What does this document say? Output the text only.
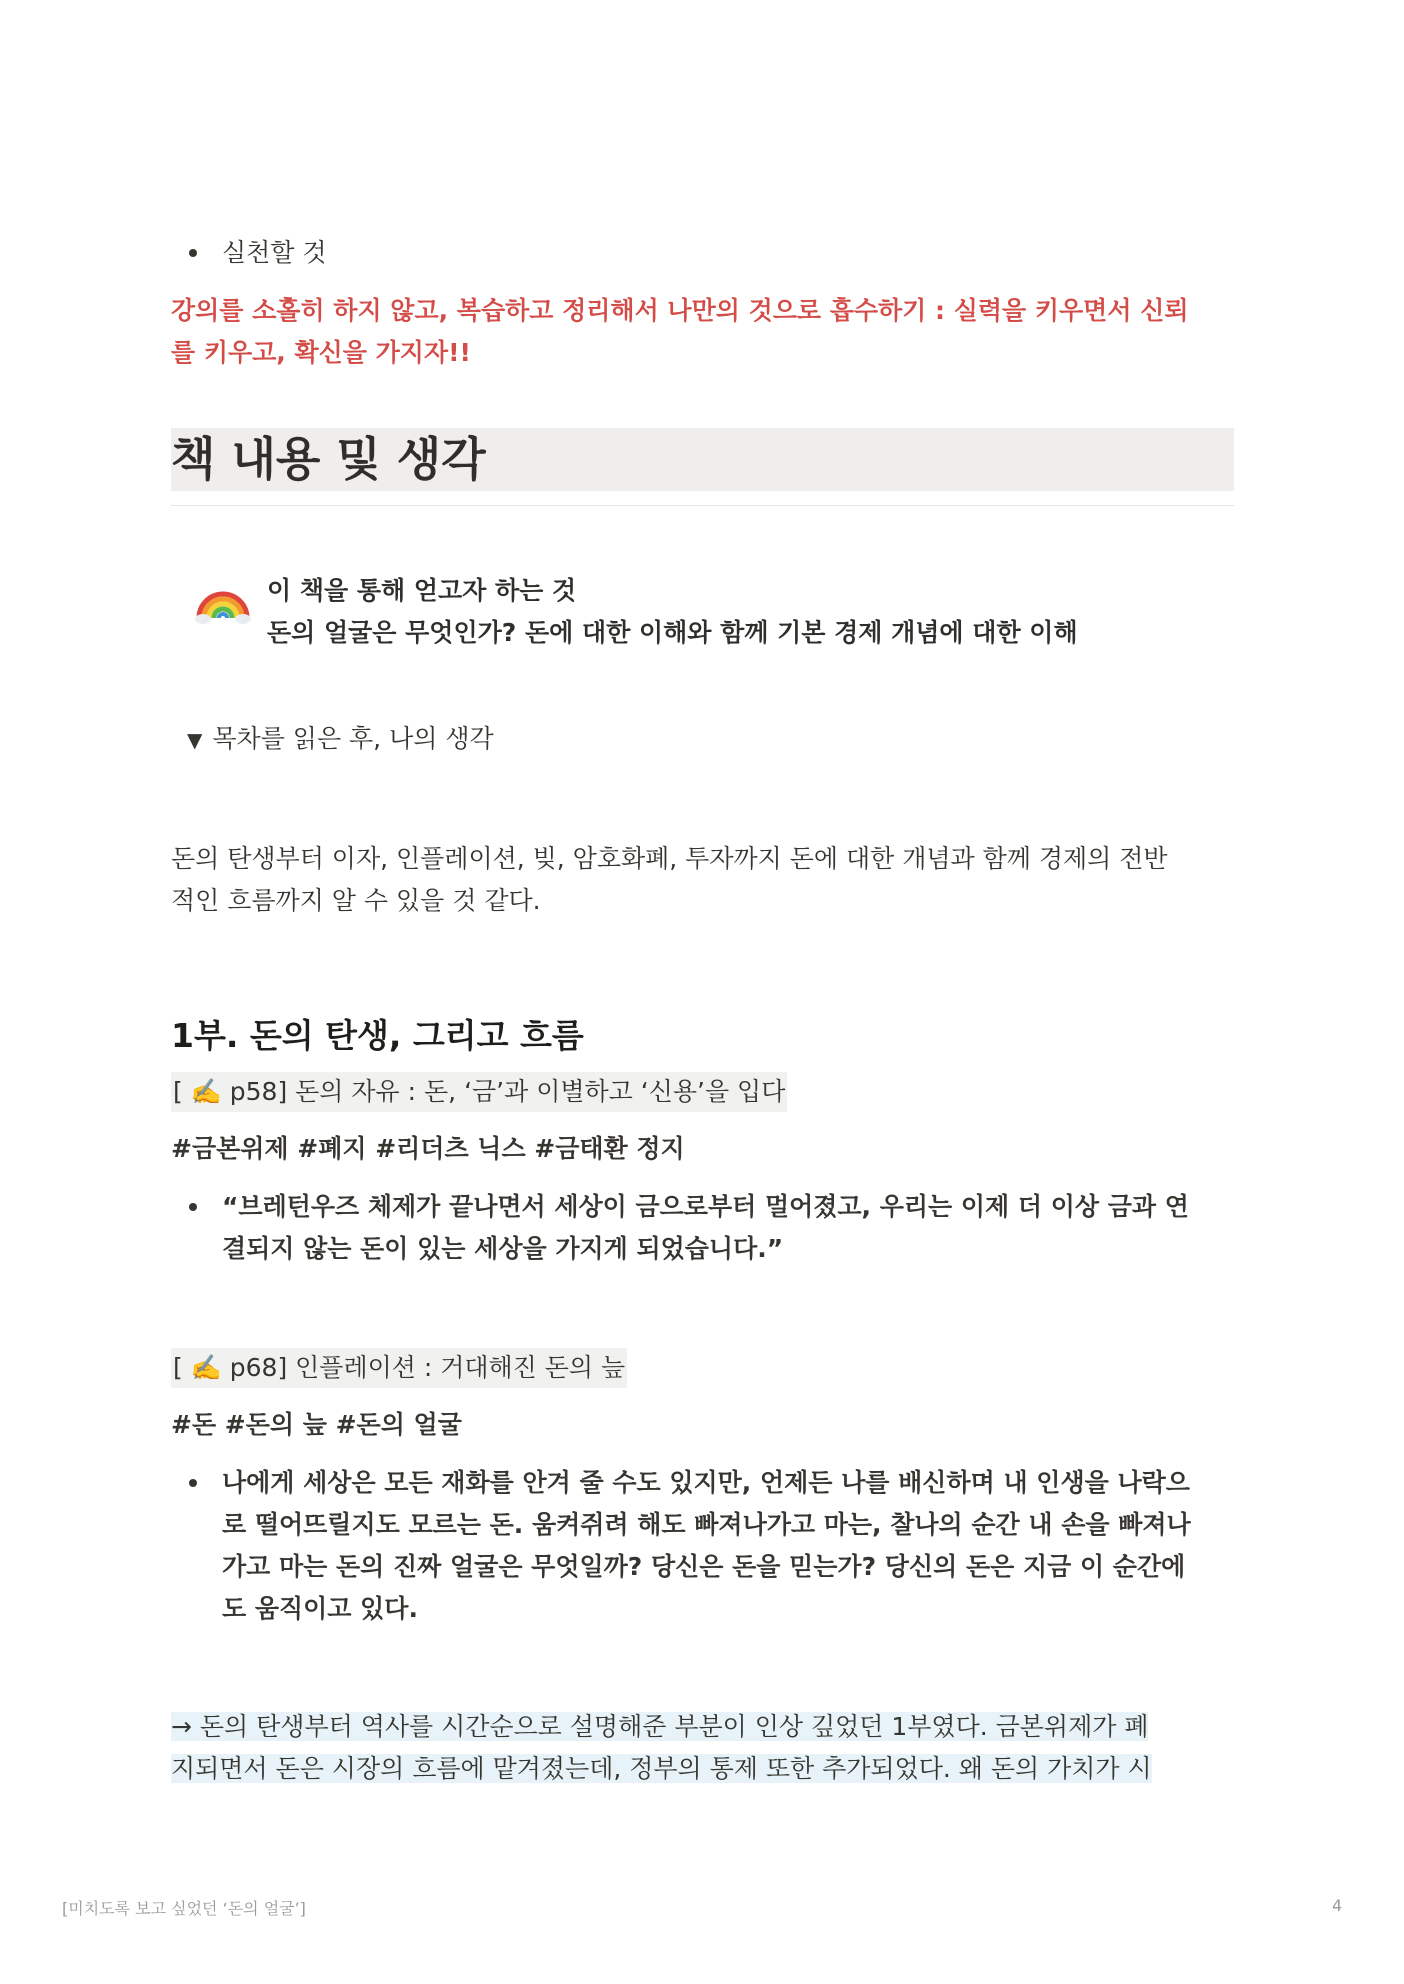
실천할 것
강의를 소홀히 하지 않고, 복습하고 정리해서 나만의 것으로 흡수하기 : 실력을 키우면서 신뢰
를 키우고, 확신을 가지자!!
책 내용 및 생각
이 책을 통해 얻고자 하는 것
돈의 얼굴은 무엇인가? 돈에 대한 이해와 함께 기본 경제 개념에 대한 이해
▼ 목차를 읽은 후, 나의 생각
돈의 탄생부터 이자, 인플레이션, 빚, 암호화폐, 투자까지 돈에 대한 개념과 함께 경제의 전반
적인 흐름까지 알 수 있을 것 같다.
1부. 돈의 탄생, 그리고 흐름
[ ✍️ p58] 돈의 자유 : 돈, ‘금’과 이별하고 ‘신용’을 입다
#금본위제 #폐지 #리더츠 닉스 #금태환 정지
“브레턴우즈 체제가 끝나면서 세상이 금으로부터 멀어졌고, 우리는 이제 더 이상 금과 연
결되지 않는 돈이 있는 세상을 가지게 되었습니다.”
[ ✍️ p68] 인플레이션 : 거대해진 돈의 늪
#돈 #돈의 늪 #돈의 얼굴
나에게 세상은 모든 재화를 안겨 줄 수도 있지만, 언제든 나를 배신하며 내 인생을 나락으
로 떨어뜨릴지도 모르는 돈. 움켜쥐려 해도 빠져나가고 마는, 찰나의 순간 내 손을 빠져나
가고 마는 돈의 진짜 얼굴은 무엇일까? 당신은 돈을 믿는가? 당신의 돈은 지금 이 순간에
도 움직이고 있다.
→ 돈의 탄생부터 역사를 시간순으로 설명해준 부분이 인상 깊었던 1부였다. 금본위제가 폐
지되면서 돈은 시장의 흐름에 맡겨졌는데, 정부의 통제 또한 추가되었다. 왜 돈의 가치가 시
[미치도록 보고 싶었던 ‘돈의 얼굴’]	4
